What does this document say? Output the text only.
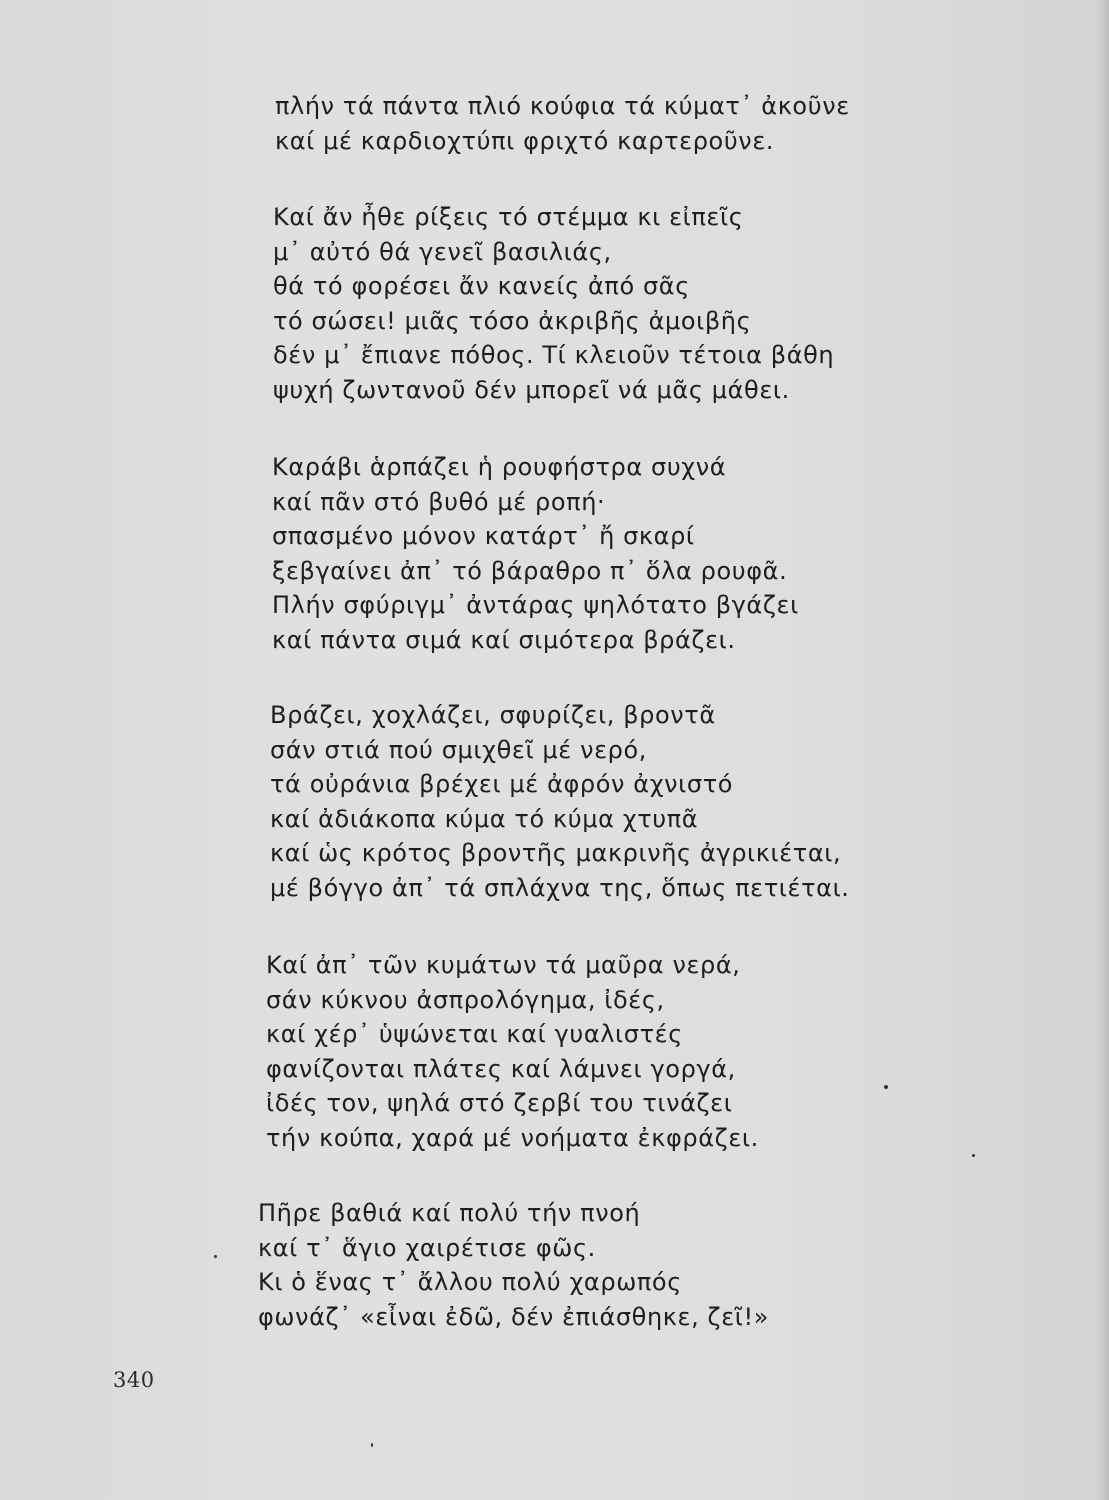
πλήν τά πάντα πλιό κούφια τά κύματ᾽ ἀκοῦνε
καί μέ καρδιοχτύπι φριχτό καρτεροῦνε.
Καί ἄν ἦθε ρίξεις τό στέμμα κι εἰπεῖς
μ᾽ αὐτό θά γενεῖ βασιλιάς,
θά τό φορέσει ἄν κανείς ἀπό σᾶς
τό σώσει! μιᾶς τόσο ἀκριβῆς ἀμοιβῆς
δέν μ᾽ ἔπιανε πόθος. Τί κλειοῦν τέτοια βάθη
ψυχή ζωντανοῦ δέν μπορεῖ νά μᾶς μάθει.
Καράβι ἁρπάζει ἡ ρουφήστρα συχνά
καί πᾶν στό βυθό μέ ροπή·
σπασμένο μόνον κατάρτ᾽ ἤ σκαρί
ξεβγαίνει ἀπ᾽ τό βάραθρο π᾽ ὅλα ρουφᾶ.
Πλήν σφύριγμ᾽ ἀντάρας ψηλότατο βγάζει
καί πάντα σιμά καί σιμότερα βράζει.
Βράζει, χοχλάζει, σφυρίζει, βροντᾶ
σάν στιά πού σμιχθεῖ μέ νερό,
τά οὐράνια βρέχει μέ ἀφρόν ἀχνιστό
καί ἀδιάκοπα κύμα τό κύμα χτυπᾶ
καί ὡς κρότος βροντῆς μακρινῆς ἀγρικιέται,
μέ βόγγο ἀπ᾽ τά σπλάχνα της, ὅπως πετιέται.
Καί ἀπ᾽ τῶν κυμάτων τά μαῦρα νερά,
σάν κύκνου ἀσπρολόγημα, ἰδές,
καί χέρ᾽ ὑψώνεται καί γυαλιστές
φανίζονται πλάτες καί λάμνει γοργά,
ἰδές τον, ψηλά στό ζερβί του τινάζει
τήν κούπα, χαρά μέ νοήματα ἐκφράζει.
Πῆρε βαθιά καί πολύ τήν πνοή
καί τ᾽ ἅγιο χαιρέτισε φῶς.
Κι ὁ ἕνας τ᾽ ἄλλου πολύ χαρωπός
φωνάζ᾽ «εἶναι ἐδῶ, δέν ἐπιάσθηκε, ζεῖ!»
340
